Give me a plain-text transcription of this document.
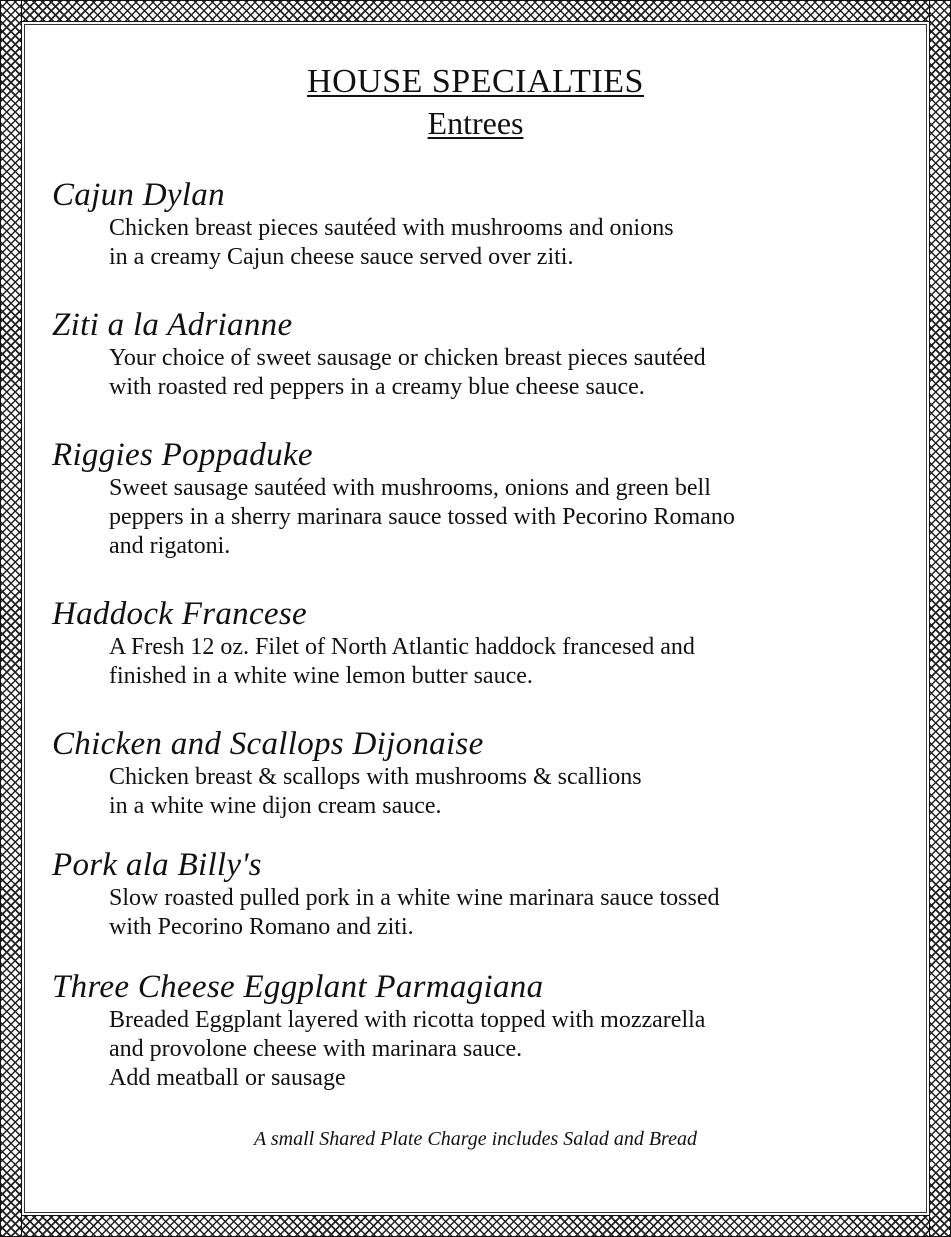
HOUSE SPECIALTIES
Entrees

Cajun Dylan

Chicken breast pieces sautéed with mushrooms and onions
in a creamy Cajun cheese sauce served over ziti.

Ziti a la Adrianne

Your choice of sweet sausage or chicken breast pieces sautéed
with roasted red peppers in a creamy blue cheese sauce.

Riggies Poppaduke

Sweet sausage sautéed with mushrooms, onions and green bell
peppers in a sherry marinara sauce tossed with Pecorino Romano
and rigatoni.

Haddock Francese

A Fresh 12 oz. Filet of North Atlantic haddock francesed and
finished in a white wine lemon butter sauce.

Chicken and Scallops Dijonaise

Chicken breast & scallops with mushrooms & scallions
in a white wine dijon cream sauce.

Pork ala Billy's

Slow roasted pulled pork in a white wine marinara sauce tossed
with Pecorino Romano and ziti.

Three Cheese Eggplant Parmagiana

Breaded Eggplant layered with ricotta topped with mozzarella
and provolone cheese with marinara sauce.
Add meatball or sausage

A small Shared Plate Charge includes Salad and Bread
